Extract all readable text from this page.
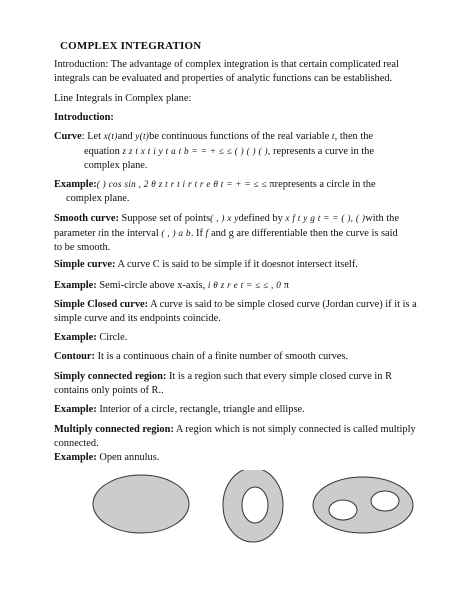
COMPLEX INTEGRATION
Introduction: The advantage of complex integration is that certain complicated real integrals can be evaluated and properties of analytic functions can be established.
Line Integrals in Complex plane:
Introduction:
Curve: Let x(t)and y(t)be continuous functions of the real variable t, then the
equation z z t x t i y t a t b = = + ≤ ≤ ( ) ( ) ( ), represents a curve in the
complex plane.
Example:( ) cos sin , 2 θ z t r t i r t r e θ t = + = ≤ ≤ πrepresents a circle in the
complex plane.
Smooth curve: Suppose set of points( , ) x ydefined by x f t y g t = = ( ), ( )with the
parameter tin the interval ( , ) a b. If f and g are differentiable then the curve is said
to be smooth.
Simple curve: A curve C is said to be simple if it doesnot intersect itself.
Example: Semi-circle above x-axis, i θ z r e t = ≤ ≤ , 0 π
Simple Closed curve: A curve is said to be simple closed curve (Jordan curve) if it is a simple curve and its endpoints coincide.
Example: Circle.
Contour: It is a continuous chain of a finite number of smooth curves.
Simply connected region: It is a region such that every simple closed curve in R contains only points of R..
Example: Interior of a circle, rectangle, triangle and ellipse.
Multiply connected region: A region which is not simply connected is called multiply connected.
Example: Open annulus.
